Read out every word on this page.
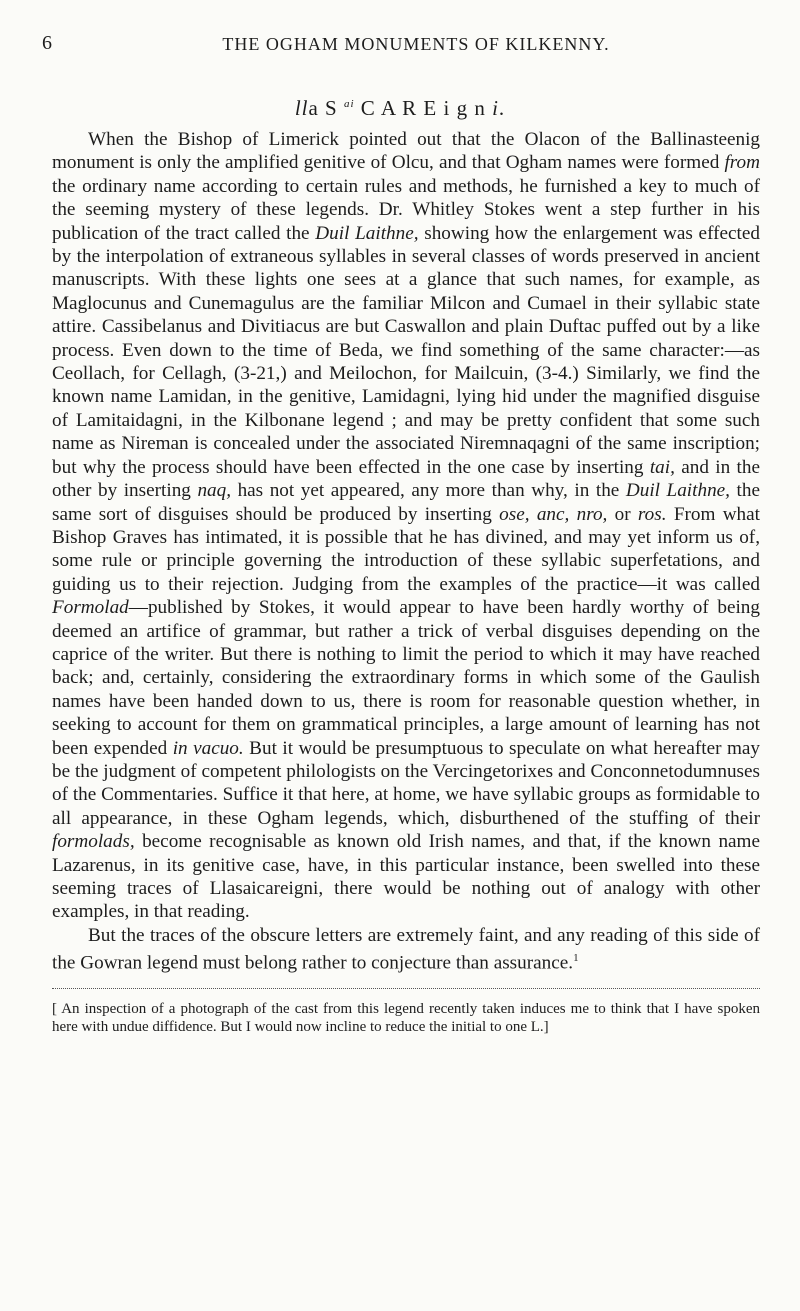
6	THE OGHAM MONUMENTS OF KILKENNY.
lla S $^{ai}$ C A R E i g n i.

When the Bishop of Limerick pointed out that the Olacon of the Ballinasteenig monument is only the amplified genitive of Olcu, and that Ogham names were formed from the ordinary name according to certain rules and methods, he furnished a key to much of the seeming mystery of these legends. Dr. Whitley Stokes went a step further in his publication of the tract called the Duil Laithne, showing how the enlargement was effected by the interpolation of extraneous syllables in several classes of words preserved in ancient manuscripts. With these lights one sees at a glance that such names, for example, as Maglocunus and Cunemagulus are the familiar Milcon and Cumael in their syllabic state attire. Cassibelanus and Divitiacus are but Caswallon and plain Duftac puffed out by a like process. Even down to the time of Beda, we find something of the same character:—as Ceollach, for Cellagh, (3-21,) and Meilochon, for Mailcuin, (3-4.) Similarly, we find the known name Lamidan, in the genitive, Lamidagni, lying hid under the magnified disguise of Lamitaidagni, in the Kilbonane legend ; and may be pretty confident that some such name as Nireman is concealed under the associated Niremnaqagni of the same inscription; but why the process should have been effected in the one case by inserting tai, and in the other by inserting naq, has not yet appeared, any more than why, in the Duil Laithne, the same sort of disguises should be produced by inserting ose, anc, nro, or ros. From what Bishop Graves has intimated, it is possible that he has divined, and may yet inform us of, some rule or principle governing the introduction of these syllabic superfetations, and guiding us to their rejection. Judging from the examples of the practice—it was called Formolad—published by Stokes, it would appear to have been hardly worthy of being deemed an artifice of grammar, but rather a trick of verbal disguises depending on the caprice of the writer. But there is nothing to limit the period to which it may have reached back; and, certainly, considering the extraordinary forms in which some of the Gaulish names have been handed down to us, there is room for reasonable question whether, in seeking to account for them on grammatical principles, a large amount of learning has not been expended in vacuo. But it would be presumptuous to speculate on what hereafter may be the judgment of competent philologists on the Vercingetorixes and Conconnetodumnuses of the Commentaries. Suffice it that here, at home, we have syllabic groups as formidable to all appearance, in these Ogham legends, which, disburthened of the stuffing of their formolads, become recognisable as known old Irish names, and that, if the known name Lazarenus, in its genitive case, have, in this particular instance, been swelled into these seeming traces of Llasaicareigni, there would be nothing out of analogy with other examples, in that reading.

But the traces of the obscure letters are extremely faint, and any reading of this side of the Gowran legend must belong rather to conjecture than assurance.$^1$

[ An inspection of a photograph of the cast from this legend recently taken induces me to think that I have spoken here with undue diffidence. But I would now incline to reduce the initial to one L.]
